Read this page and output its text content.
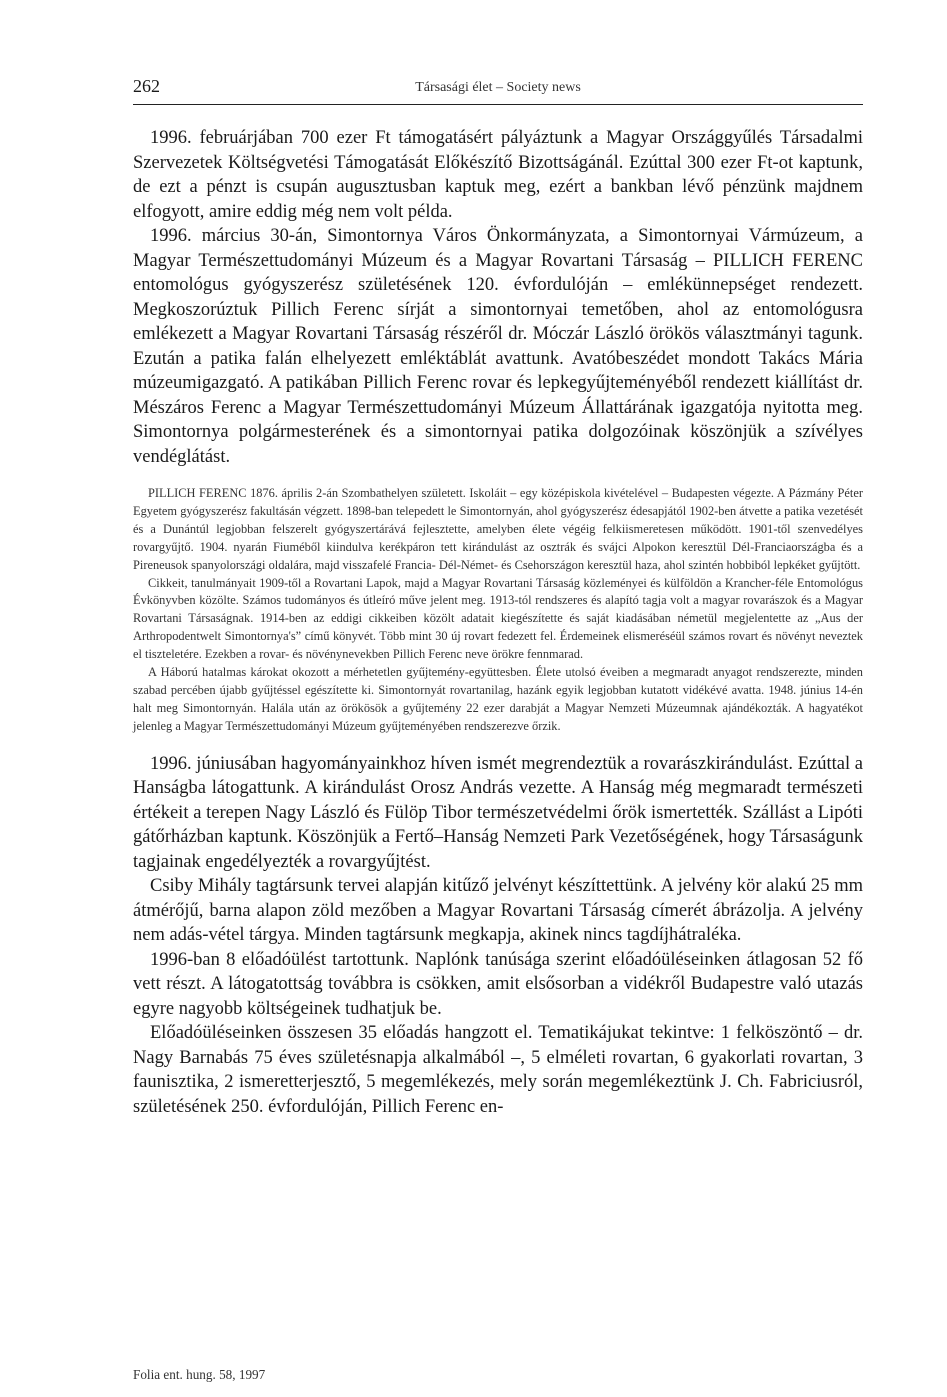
262	Társasági élet – Society news

1996. februárjában 700 ezer Ft támogatásért pályáztunk a Magyar Országgyűlés Társadalmi Szervezetek Költségvetési Támogatását Előkészítő Bizottságánál. Ezúttal 300 ezer Ft-ot kaptunk, de ezt a pénzt is csupán augusztusban kaptuk meg, ezért a bankban lévő pénzünk majdnem elfogyott, amire eddig még nem volt példa.

1996. március 30-án, Simontornya Város Önkormányzata, a Simontornyai Vármúzeum, a Magyar Természettudományi Múzeum és a Magyar Rovartani Társaság – PILLICH FERENC entomológus gyógyszerész születésének 120. évfordulóján – emlékünnepséget rendezett. Megkoszorúztuk Pillich Ferenc sírját a simontornyai temetőben, ahol az entomológusra emlékezett a Magyar Rovartani Társaság részéről dr. Móczár László örökös választmányi tagunk. Ezután a patika falán elhelyezett emléktáblát avattunk. Avatóbeszédet mondott Takács Mária múzeumigazgató. A patikában Pillich Ferenc rovar és lepkegyűjteményéből rendezett kiállítást dr. Mészáros Ferenc a Magyar Természettudományi Múzeum Állattárának igazgatója nyitotta meg. Simontornya polgármesterének és a simontornyai patika dolgozóinak köszönjük a szívélyes vendéglátást.

PILLICH FERENC 1876. április 2-án Szombathelyen született. Iskoláit – egy középiskola kivételével – Budapesten végezte. A Pázmány Péter Egyetem gyógyszerész fakultásán végzett. 1898-ban telepedett le Simontornyán, ahol gyógyszerész édesapjától 1902-ben átvette a patika vezetését és a Dunántúl legjobban felszerelt gyógyszertárává fejlesztette, amelyben élete végéig felkiismeretesen működött. 1901-től szenvedélyes rovargyűjtő. 1904. nyarán Fiuméből kiindulva kerékpáron tett kirándulást az osztrák és svájci Alpokon keresztül Dél-Franciaországba és a Pireneusok spanyolországi oldalára, majd visszafelé Francia- Dél-Német- és Csehországon keresztül haza, ahol szintén hobbiból lepkéket gyűjtött.

Cikkeit, tanulmányait 1909-től a Rovartani Lapok, majd a Magyar Rovartani Társaság közleményei és külföldön a Krancher-féle Entomológus Évkönyvben közölte. Számos tudományos és útleíró műve jelent meg. 1913-tól rendszeres és alapító tagja volt a magyar rovarászok és a Magyar Rovartani Társaságnak. 1914-ben az eddigi cikkeiben közölt adatait kiegészítette és saját kiadásában németül megjelentette az „Aus der Arthropodentwelt Simontornya's” című könyvét. Több mint 30 új rovart fedezett fel. Érdemeinek elismeréséül számos rovart és növényt neveztek el tiszteletére. Ezekben a rovar- és növénynevekben Pillich Ferenc neve örökre fennmarad.

A Háború hatalmas károkat okozott a mérhetetlen gyűjtemény-együttesben. Élete utolsó éveiben a megmaradt anyagot rendszerezte, minden szabad percében újabb gyűjtéssel egészítette ki. Simontornyát rovartanilag, hazánk egyik legjobban kutatott vidékévé avatta. 1948. június 14-én halt meg Simontornyán. Halála után az örökösök a gyűjtemény 22 ezer darabját a Magyar Nemzeti Múzeumnak ajándékozták. A hagyatékot jelenleg a Magyar Természettudományi Múzeum gyűjteményében rendszerezve őrzik.

1996. júniusában hagyományainkhoz híven ismét megrendeztük a rovarászkirándulást. Ezúttal a Hanságba látogattunk. A kirándulást Orosz András vezette. A Hanság még megmaradt természeti értékeit a terepen Nagy László és Fülöp Tibor természetvédelmi őrök ismertették. Szállást a Lipóti gátőrházban kaptunk. Köszönjük a Fertő–Hanság Nemzeti Park Vezetőségének, hogy Társaságunk tagjainak engedélyezték a rovargyűjtést.

Csiby Mihály tagtársunk tervei alapján kitűző jelvényt készíttettünk. A jelvény kör alakú 25 mm átmérőjű, barna alapon zöld mezőben a Magyar Rovartani Társaság címerét ábrázolja. A jelvény nem adás-vétel tárgya. Minden tagtársunk megkapja, akinek nincs tagdíjhátraléka.

1996-ban 8 előadóülést tartottunk. Naplónk tanúsága szerint előadóüléseinken átlagosan 52 fő vett részt. A látogatottság továbbra is csökken, amit elsősorban a vidékről Budapestre való utazás egyre nagyobb költségeinek tudhatjuk be.

Előadóüléseinken összesen 35 előadás hangzott el. Tematikájukat tekintve: 1 felköszöntő – dr. Nagy Barnabás 75 éves születésnapja alkalmából –, 5 elméleti rovartan, 6 gyakorlati rovartan, 3 faunisztika, 2 ismeretterjesztő, 5 megemlékezés, mely során megemlékeztünk J. Ch. Fabriciusról, születésének 250. évfordulóján, Pillich Ferenc en-

Folia ent. hung. 58, 1997
